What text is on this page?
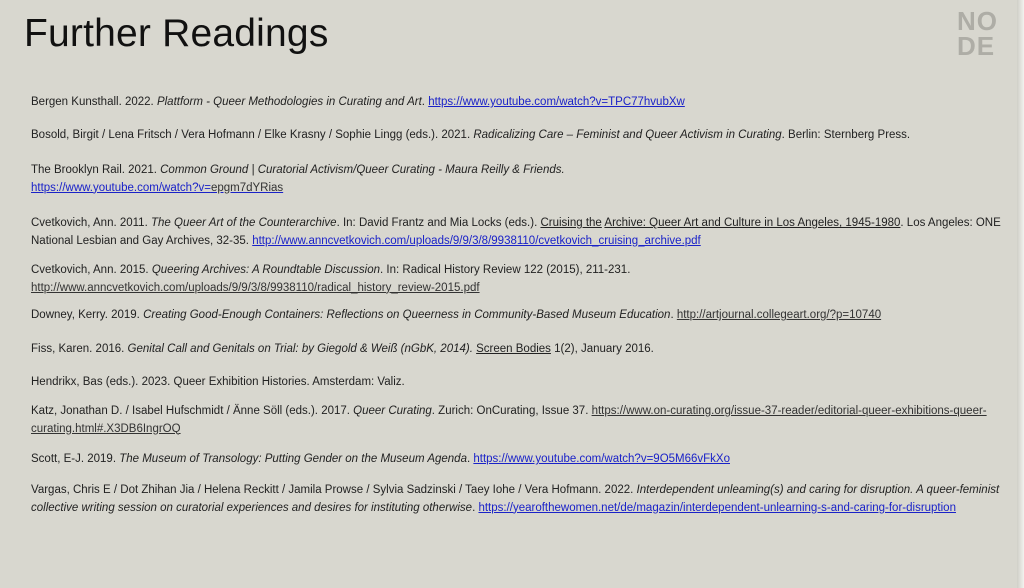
Further Readings	NO
DE
Bergen Kunsthall. 2022. Plattform - Queer Methodologies in Curating and Art. https://www.youtube.com/watch?v=TPC77hvubXw
Bosold, Birgit / Lena Fritsch / Vera Hofmann / Elke Krasny / Sophie Lingg (eds.). 2021. Radicalizing Care – Feminist and Queer Activism in Curating. Berlin: Sternberg Press.
The Brooklyn Rail. 2021. Common Ground | Curatorial Activism/Queer Curating - Maura Reilly & Friends.
https://www.youtube.com/watch?v=epgm7dYRias
Cvetkovich, Ann. 2011. The Queer Art of the Counterarchive. In: David Frantz and Mia Locks (eds.). Cruising the Archive: Queer Art and Culture in Los Angeles, 1945-1980. Los Angeles: ONE National Lesbian and Gay Archives, 32-35. http://www.anncvetkovich.com/uploads/9/9/3/8/9938110/cvetkovich_cruising_archive.pdf
Cvetkovich, Ann. 2015. Queering Archives: A Roundtable Discussion. In: Radical History Review 122 (2015), 211-231.
http://www.anncvetkovich.com/uploads/9/9/3/8/9938110/radical_history_review-2015.pdf
Downey, Kerry. 2019. Creating Good-Enough Containers: Reflections on Queerness in Community-Based Museum Education. http://artjournal.collegeart.org/?p=10740
Fiss, Karen. 2016. Genital Call and Genitals on Trial: by Giegold & Weiß (nGbK, 2014). Screen Bodies 1(2), January 2016.
Hendrikx, Bas (eds.). 2023. Queer Exhibition Histories. Amsterdam: Valiz.
Katz, Jonathan D. / Isabel Hufschmidt / Änne Söll (eds.). 2017. Queer Curating. Zurich: OnCurating, Issue 37. https://www.on-curating.org/issue-37-reader/editorial-queer-exhibitions-queer-curating.html#.X3DB6IngrOQ
Scott, E-J. 2019. The Museum of Transology: Putting Gender on the Museum Agenda. https://www.youtube.com/watch?v=9O5M66vFkXo
Vargas, Chris E / Dot Zhihan Jia / Helena Reckitt / Jamila Prowse / Sylvia Sadzinski / Taey Iohe / Vera Hofmann. 2022. Interdependent unleaming(s) and caring for disruption. A queer-feminist collective writing session on curatorial experiences and desires for instituting otherwise. https://yearofthewomen.net/de/magazin/interdependent-unlearning-s-and-caring-for-disruption
